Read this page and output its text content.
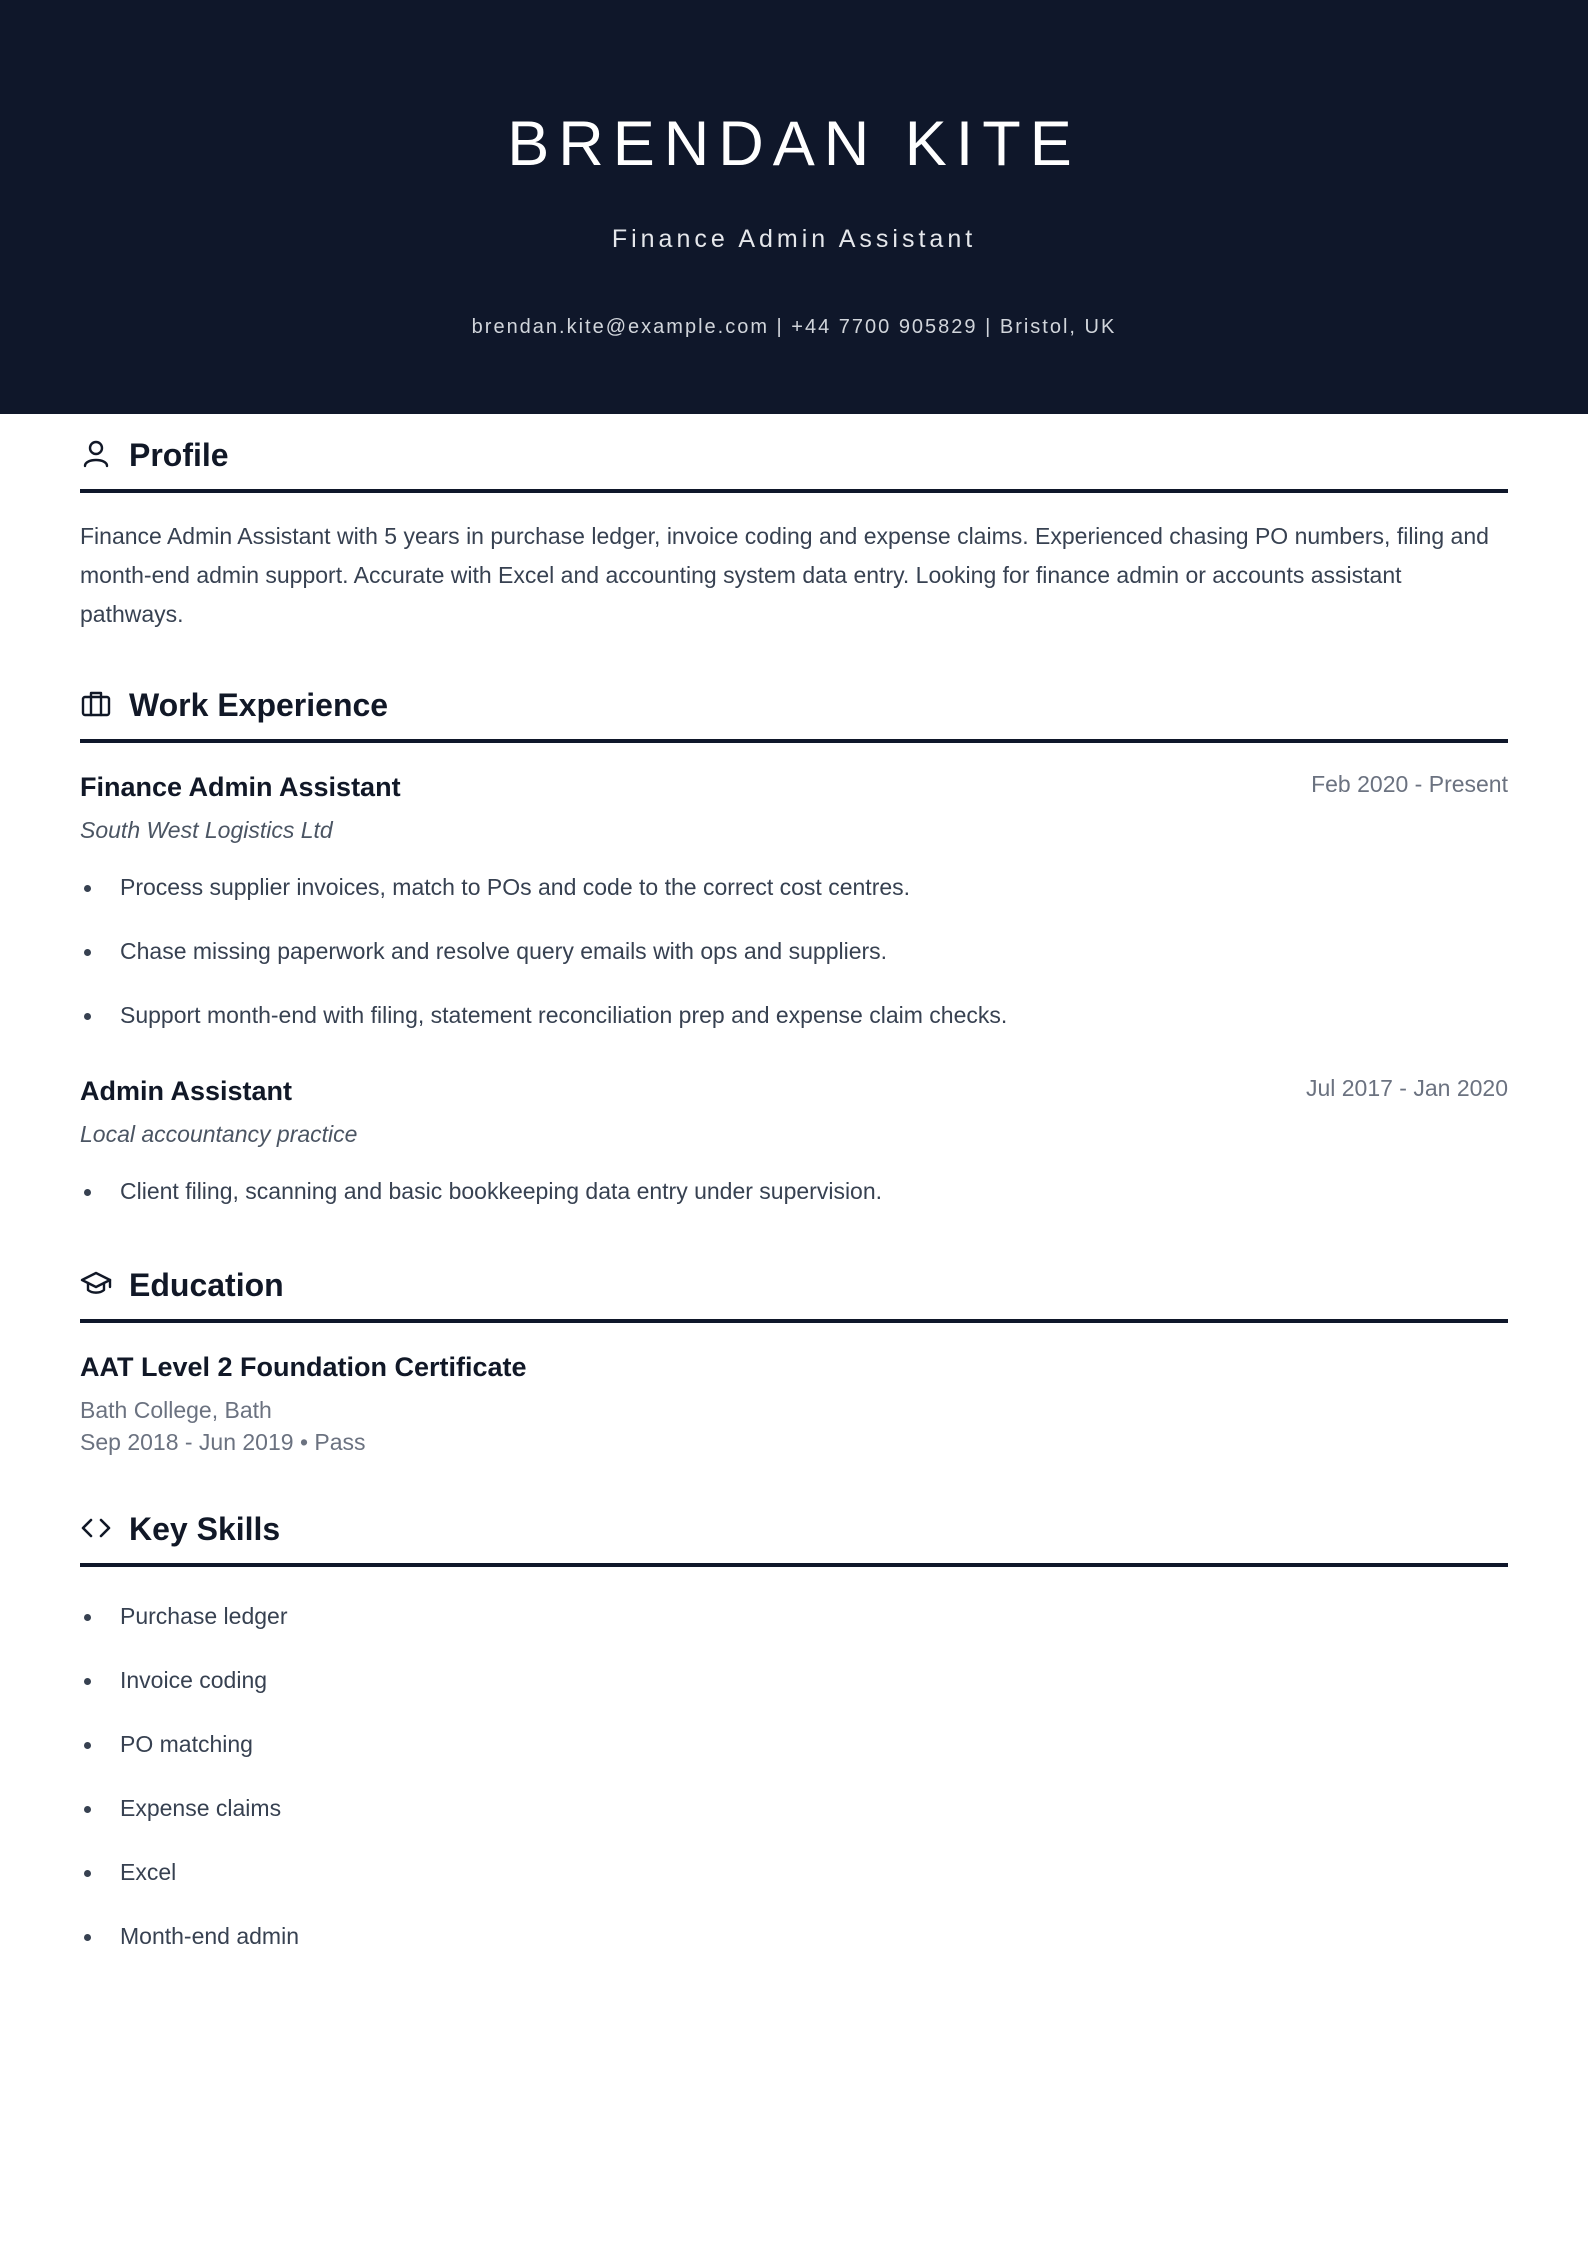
BRENDAN KITE
Finance Admin Assistant
brendan.kite@example.com | +44 7700 905829 | Bristol, UK
Profile
Finance Admin Assistant with 5 years in purchase ledger, invoice coding and expense claims. Experienced chasing PO numbers, filing and month-end admin support. Accurate with Excel and accounting system data entry. Looking for finance admin or accounts assistant pathways.
Work Experience
Finance Admin Assistant	Feb 2020 - Present
South West Logistics Ltd
Process supplier invoices, match to POs and code to the correct cost centres.
Chase missing paperwork and resolve query emails with ops and suppliers.
Support month-end with filing, statement reconciliation prep and expense claim checks.
Admin Assistant	Jul 2017 - Jan 2020
Local accountancy practice
Client filing, scanning and basic bookkeeping data entry under supervision.
Education
AAT Level 2 Foundation Certificate
Bath College, Bath
Sep 2018 - Jun 2019 • Pass
Key Skills
Purchase ledger
Invoice coding
PO matching
Expense claims
Excel
Month-end admin
